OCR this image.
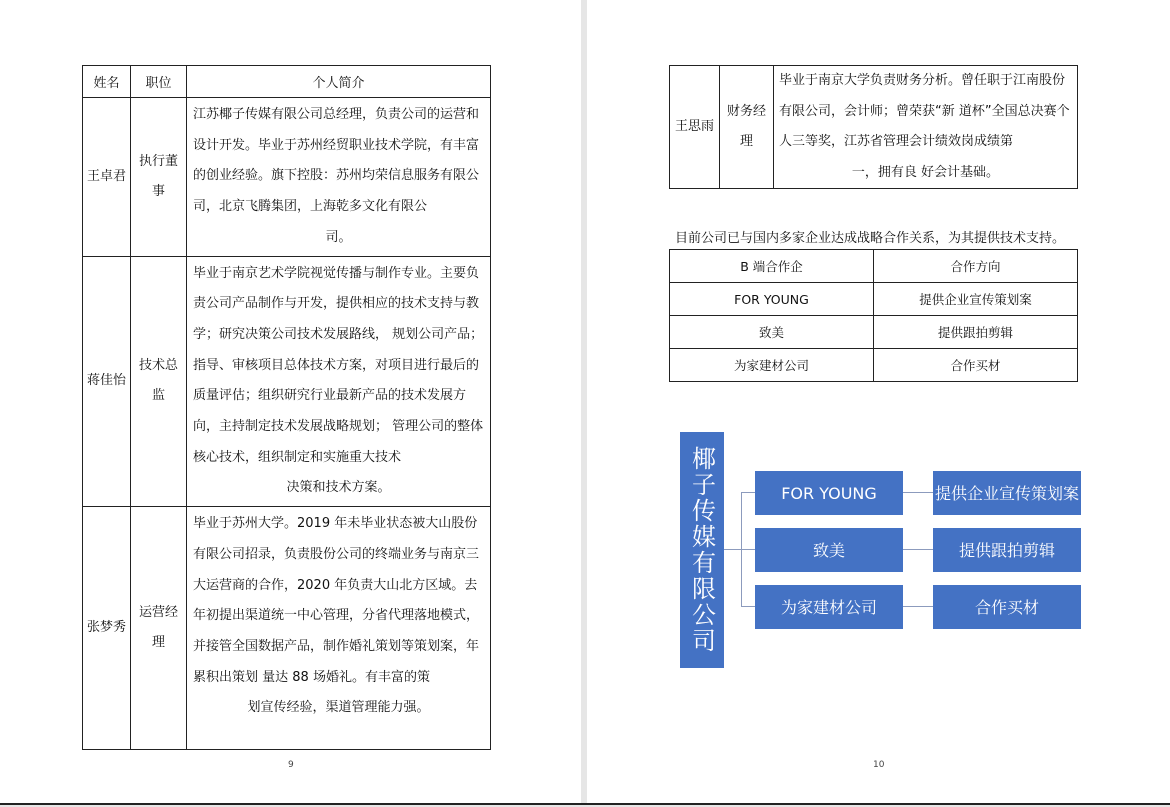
姓名	职位	个人简介
王卓君	执行董事	江苏椰子传媒有限公司总经理，负责公司的运营和设计开发。毕业于苏州经贸职业技术学院，有丰富的创业经验。旗下控股：苏州均荣信息服务有限公司，北京飞腾集团，上海乾多文化有限公
司。

蒋佳怡	技术总监	毕业于南京艺术学院视觉传播与制作专业。主要负责公司产品制作与开发，提供相应的技术支持与教学；研究决策公司技术发展路线， 规划公司产品；指导、审核项目总体技术方案，对项目进行最后的质量评估；组织研究行业最新产品的技术发展方向，主持制定技术发展战略规划； 管理公司的整体核心技术，组织制定和实施重大技术
决策和技术方案。

张梦秀	运营经理	毕业于苏州大学。2019 年未毕业状态被大山股份有限公司招录，负责股份公司的终端业务与南京三大运营商的合作，2020 年负责大山北方区域。去年初提出渠道统一中心管理，分省代理落地模式，并接管全国数据产品，制作婚礼策划等策划案，年累积出策划 量达 88 场婚礼。有丰富的策
划宣传经验，渠道管理能力强。
9
王思雨	财务经理	毕业于南京大学负责财务分析。曾任职于江南股份有限公司，会计师；曾荣获“新 道杯”全国总决赛个人三等奖，江苏省管理会计绩效岗成绩第
一，拥有良 好会计基础。
目前公司已与国内多家企业达成战略合作关系，为其提供技术支持。
B 端合作企	合作方向
FOR YOUNG	提供企业宣传策划案
致美	提供跟拍剪辑
为家建材公司	合作买材
椰子传媒有限公司	FOR YOUNG
致美
为家建材公司
提供企业宣传策划案
提供跟拍剪辑
合作买材
10
